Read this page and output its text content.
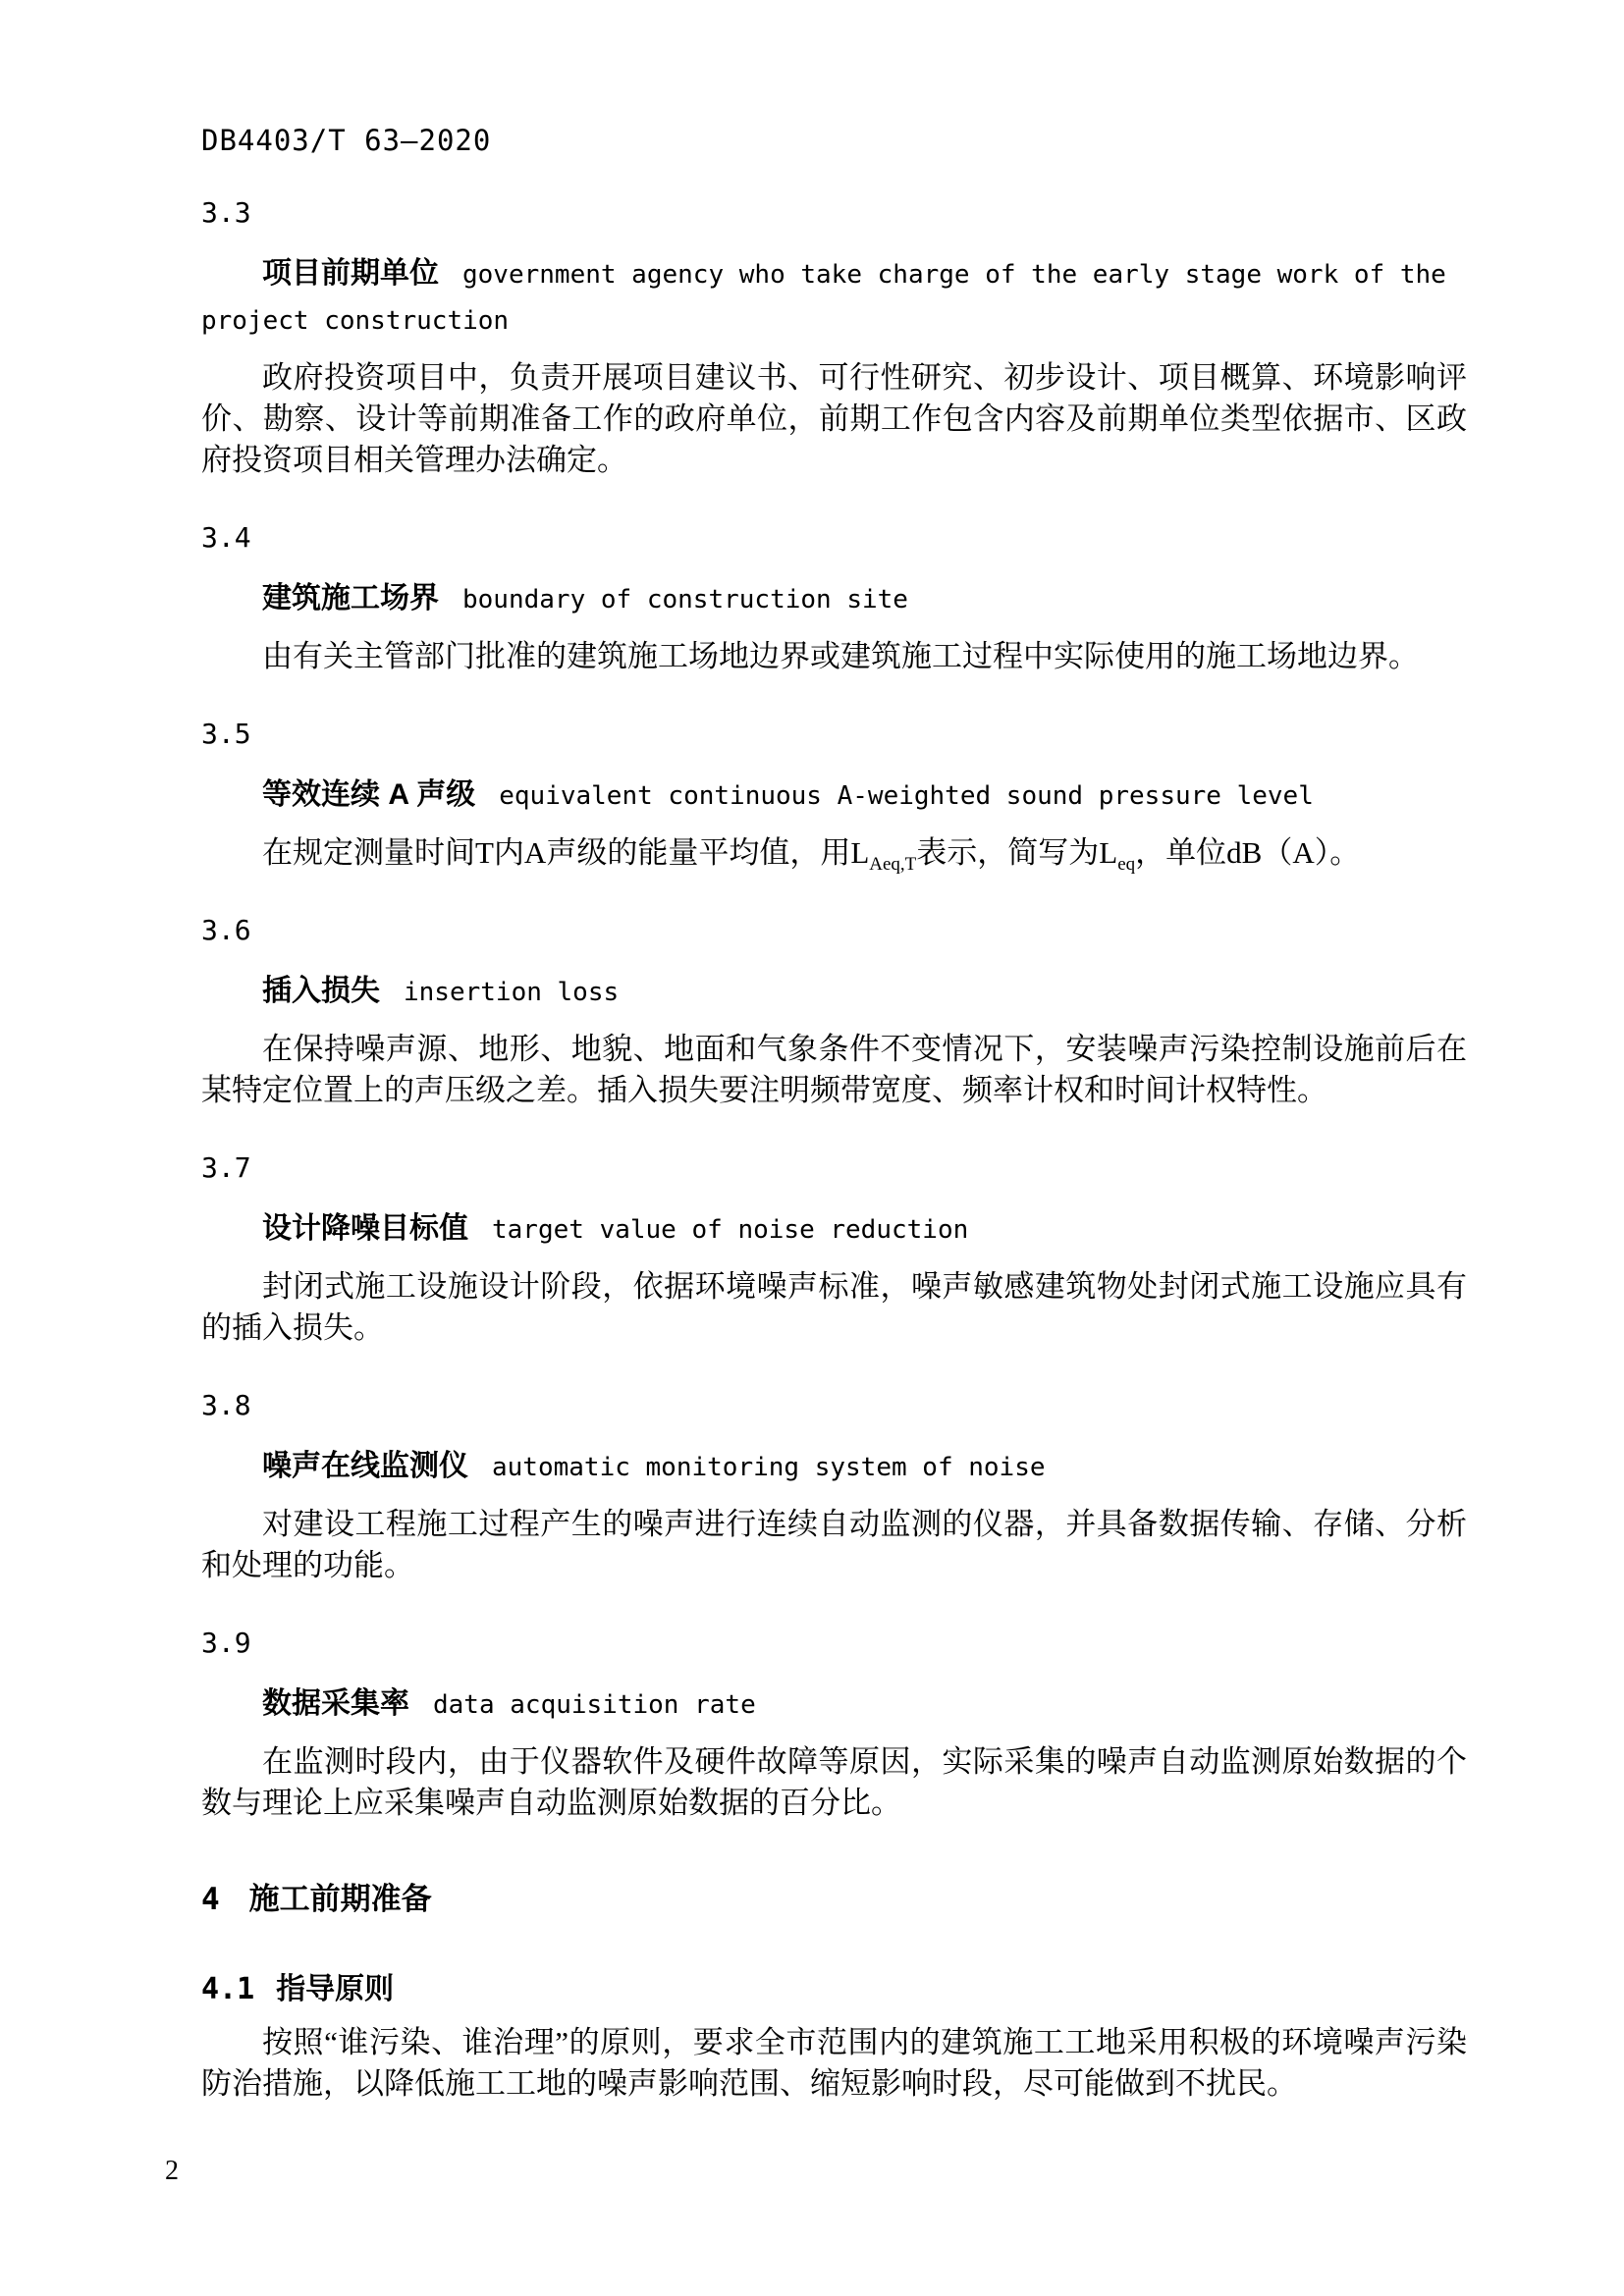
DB4403/T 63—2020

3.3

项目前期单位 government agency who take charge of the early stage work of the project construction

政府投资项目中，负责开展项目建议书、可行性研究、初步设计、项目概算、环境影响评价、勘察、设计等前期准备工作的政府单位，前期工作包含内容及前期单位类型依据市、区政府投资项目相关管理办法确定。

3.4

建筑施工场界 boundary of construction site

由有关主管部门批准的建筑施工场地边界或建筑施工过程中实际使用的施工场地边界。

3.5

等效连续 A 声级 equivalent continuous A-weighted sound pressure level

在规定测量时间T内A声级的能量平均值，用$L_{Aeq,T}$表示，简写为$L_{eq}$，单位dB（A）。

3.6

插入损失 insertion loss

在保持噪声源、地形、地貌、地面和气象条件不变情况下，安装噪声污染控制设施前后在某特定位置上的声压级之差。插入损失要注明频带宽度、频率计权和时间计权特性。

3.7

设计降噪目标值 target value of noise reduction

封闭式施工设施设计阶段，依据环境噪声标准，噪声敏感建筑物处封闭式施工设施应具有的插入损失。

3.8

噪声在线监测仪 automatic monitoring system of noise

对建设工程施工过程产生的噪声进行连续自动监测的仪器，并具备数据传输、存储、分析和处理的功能。

3.9

数据采集率 data acquisition rate

在监测时段内，由于仪器软件及硬件故障等原因，实际采集的噪声自动监测原始数据的个数与理论上应采集噪声自动监测原始数据的百分比。

4 施工前期准备
4.1 指导原则

按照“谁污染、谁治理”的原则，要求全市范围内的建筑施工工地采用积极的环境噪声污染防治措施，以降低施工工地的噪声影响范围、缩短影响时段，尽可能做到不扰民。

2
